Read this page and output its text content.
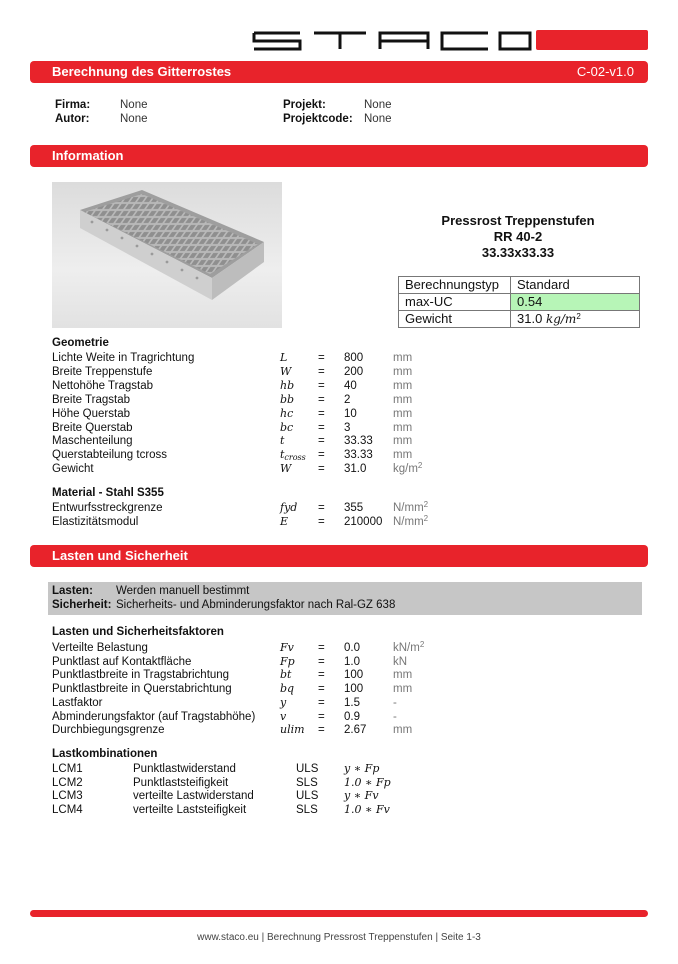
Berechnung des Gitterrostes	C-02-v1.0
Firma:	None
Autor:	None
Projekt:	None
Projektcode: None
Information
Pressrost Treppenstufen
RR 40-2
33.33x33.33
Berechnungstyp	Standard
max-UC	0.54
Gewicht	31.0 $kg/m^2$
Geometrie
Lichte Weite in Tragrichtung	L	= 800	mm
Breite Treppenstufe	W = 200	mm
Nettohöhe Tragstab	hb = 40	mm
Breite Tragstab	bb = 2	mm
Höhe Querstab	hc = 10	mm
Breite Querstab	bc = 3	mm
Maschenteilung	t	= 33.33 mm
Querstabteilung tcross	$t_{cross} = 33.33$ mm
Gewicht	W = 31.0 $kg/m^2$
Material - Stahl S355
Entwurfsstreckgrenze	fyd = 355	$N/mm^2$
Elastizitätsmodul	E	= 210000 $N/mm^2$
Lasten und Sicherheit
Lasten: Werden manuell bestimmt
Sicherheit: Sicherheits- und Abminderungsfaktor nach Ral-GZ 638
Lasten und Sicherheitsfaktoren
Verteilte Belastung	Fv = 0.0	$kN/m^2$
Punktlast auf Kontaktfläche	Fp = 1.0	kN
Punktlastbreite in Tragstabrichtung	bt = 100	mm
Punktlastbreite in Querstabrichtung	bq = 100	mm
Lastfaktor	y	= 1.5	-
Abminderungsfaktor (auf Tragstabhöhe) v	= 0.9	-
Durchbiegungsgrenze	ulim = 2.67 mm
Lastkombinationen
LCM1	Punktlastwiderstand	ULS y ∗ Fp
LCM2	Punktlaststeifigkeit	SLS 1.0 ∗ Fp
LCM3	verteilte Lastwiderstand	ULS y ∗ Fv
LCM4	verteilte Laststeifigkeit	SLS 1.0 ∗ Fv
www.staco.eu | Berechnung Pressrost Treppenstufen | Seite 1-3
